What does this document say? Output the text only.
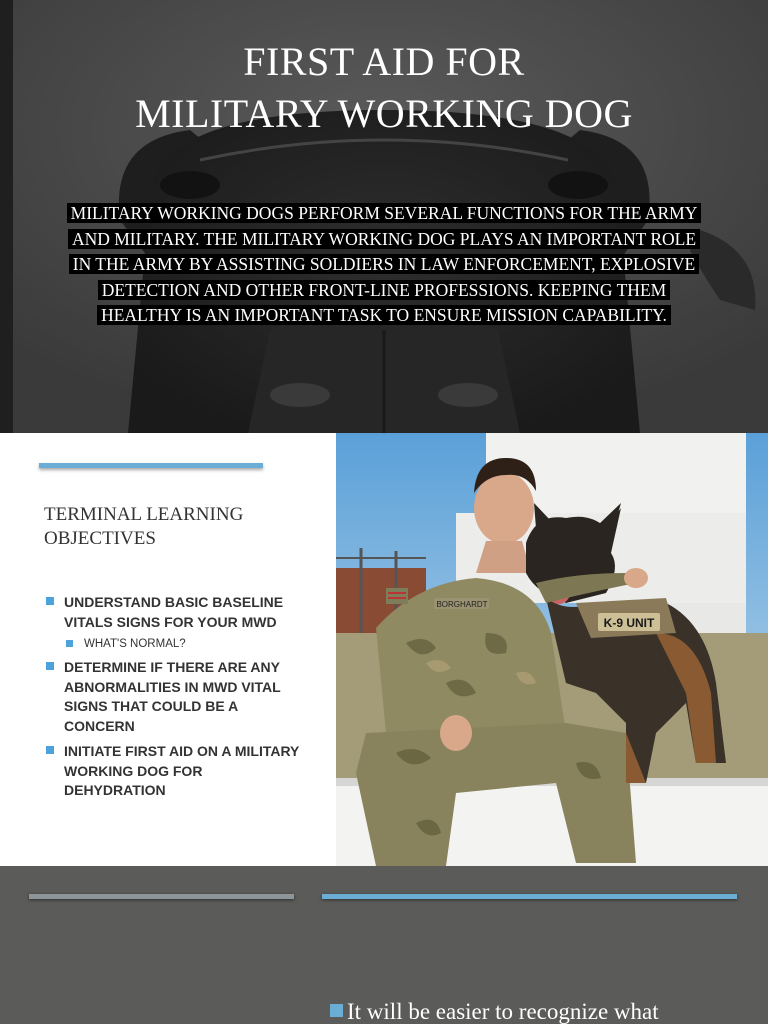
FIRST AID FOR
MILITARY WORKING DOG
MILITARY WORKING DOGS PERFORM SEVERAL FUNCTIONS FOR THE ARMY AND MILITARY. THE MILITARY WORKING DOG PLAYS AN IMPORTANT ROLE IN THE ARMY BY ASSISTING SOLDIERS IN LAW ENFORCEMENT, EXPLOSIVE DETECTION AND OTHER FRONT-LINE PROFESSIONS. KEEPING THEM HEALTHY IS AN IMPORTANT TASK TO ENSURE MISSION CAPABILITY.
TERMINAL LEARNING
OBJECTIVES
UNDERSTAND BASIC BASELINE VITALS SIGNS FOR YOUR MWD
WHAT'S NORMAL?
DETERMINE IF THERE ARE ANY ABNORMALITIES IN MWD VITAL SIGNS THAT COULD BE A CONCERN
INITIATE FIRST AID ON A MILITARY WORKING DOG FOR DEHYDRATION
BORGHARDT
K-9 UNIT
It will be easier to recognize what
